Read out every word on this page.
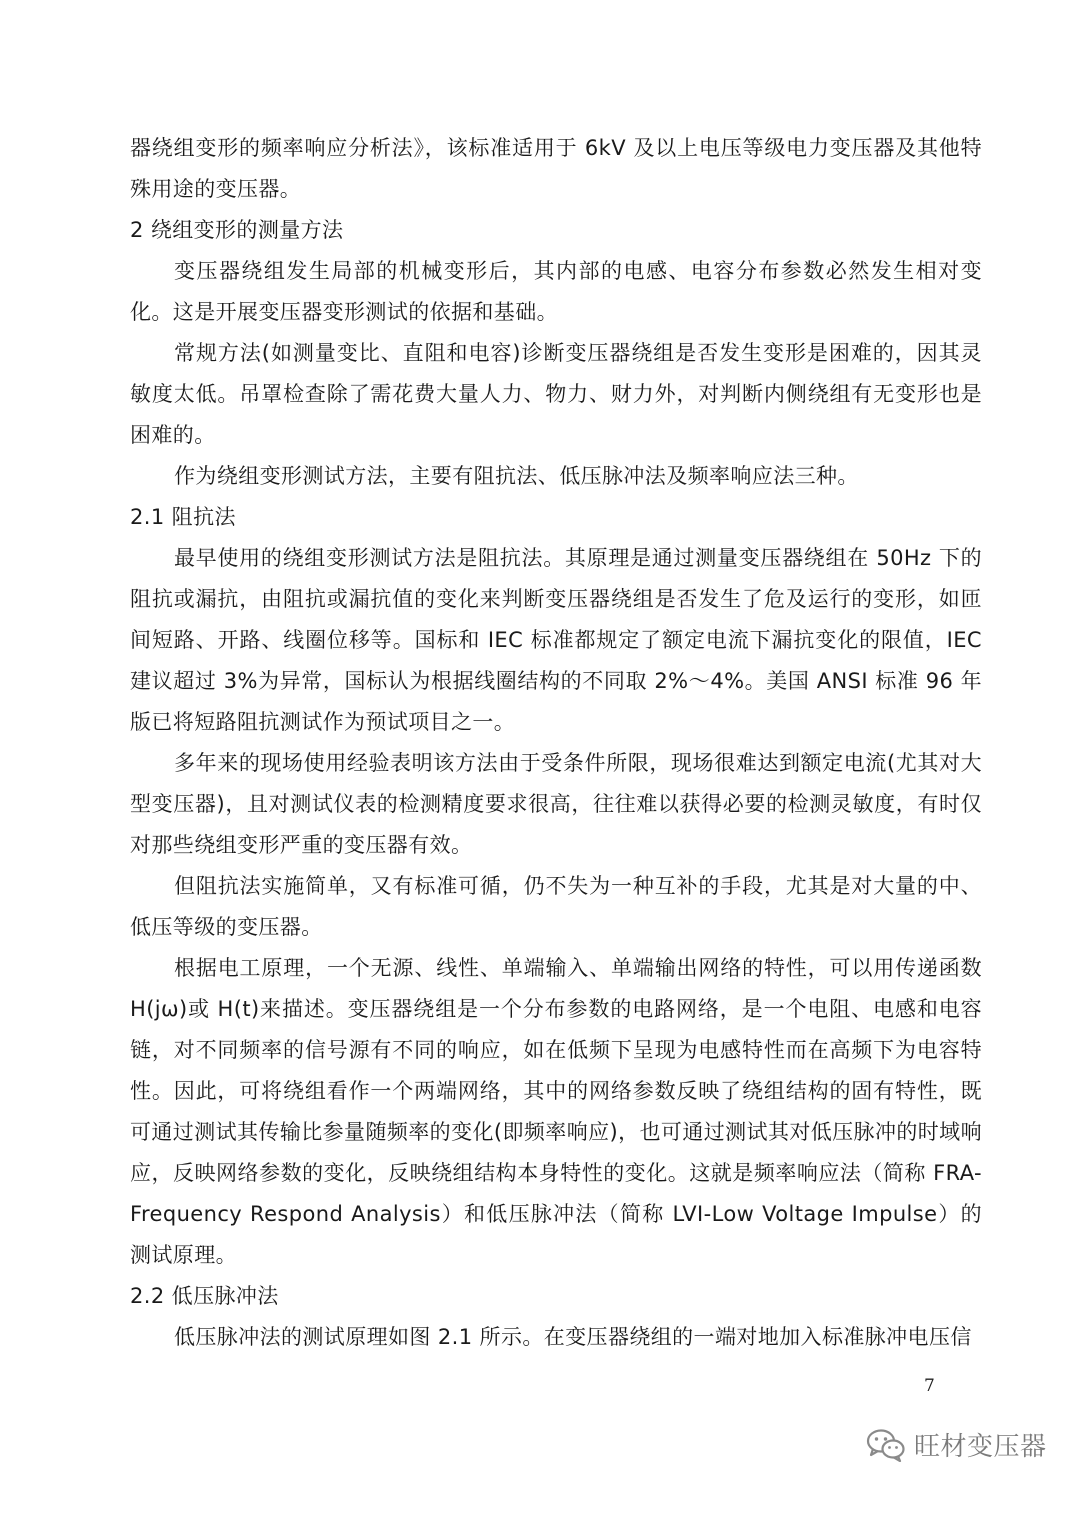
器绕组变形的频率响应分析法》，该标准适用于 6kV 及以上电压等级电力变压器及其他特殊用途的变压器。

2 绕组变形的测量方法

变压器绕组发生局部的机械变形后，其内部的电感、电容分布参数必然发生相对变化。这是开展变压器变形测试的依据和基础。

常规方法(如测量变比、直阻和电容)诊断变压器绕组是否发生变形是困难的，因其灵敏度太低。吊罩检查除了需花费大量人力、物力、财力外，对判断内侧绕组有无变形也是困难的。

作为绕组变形测试方法，主要有阻抗法、低压脉冲法及频率响应法三种。

2.1 阻抗法

最早使用的绕组变形测试方法是阻抗法。其原理是通过测量变压器绕组在 50Hz 下的阻抗或漏抗，由阻抗或漏抗值的变化来判断变压器绕组是否发生了危及运行的变形，如匝间短路、开路、线圈位移等。国标和 IEC 标准都规定了额定电流下漏抗变化的限值，IEC 建议超过 3%为异常，国标认为根据线圈结构的不同取 2%～4%。美国 ANSI 标准 96 年版已将短路阻抗测试作为预试项目之一。

多年来的现场使用经验表明该方法由于受条件所限，现场很难达到额定电流(尤其对大型变压器)，且对测试仪表的检测精度要求很高，往往难以获得必要的检测灵敏度，有时仅对那些绕组变形严重的变压器有效。

但阻抗法实施简单，又有标准可循，仍不失为一种互补的手段，尤其是对大量的中、低压等级的变压器。

根据电工原理，一个无源、线性、单端输入、单端输出网络的特性，可以用传递函数 H(jω)或 H(t)来描述。变压器绕组是一个分布参数的电路网络，是一个电阻、电感和电容链，对不同频率的信号源有不同的响应，如在低频下呈现为电感特性而在高频下为电容特性。因此，可将绕组看作一个两端网络，其中的网络参数反映了绕组结构的固有特性，既可通过测试其传输比参量随频率的变化(即频率响应)，也可通过测试其对低压脉冲的时域响应，反映网络参数的变化，反映绕组结构本身特性的变化。这就是频率响应法（简称 FRA-Frequency Respond Analysis）和低压脉冲法（简称 LVI-Low Voltage Impulse）的测试原理。

2.2 低压脉冲法

低压脉冲法的测试原理如图 2.1 所示。在变压器绕组的一端对地加入标准脉冲电压信

7
旺材变压器
